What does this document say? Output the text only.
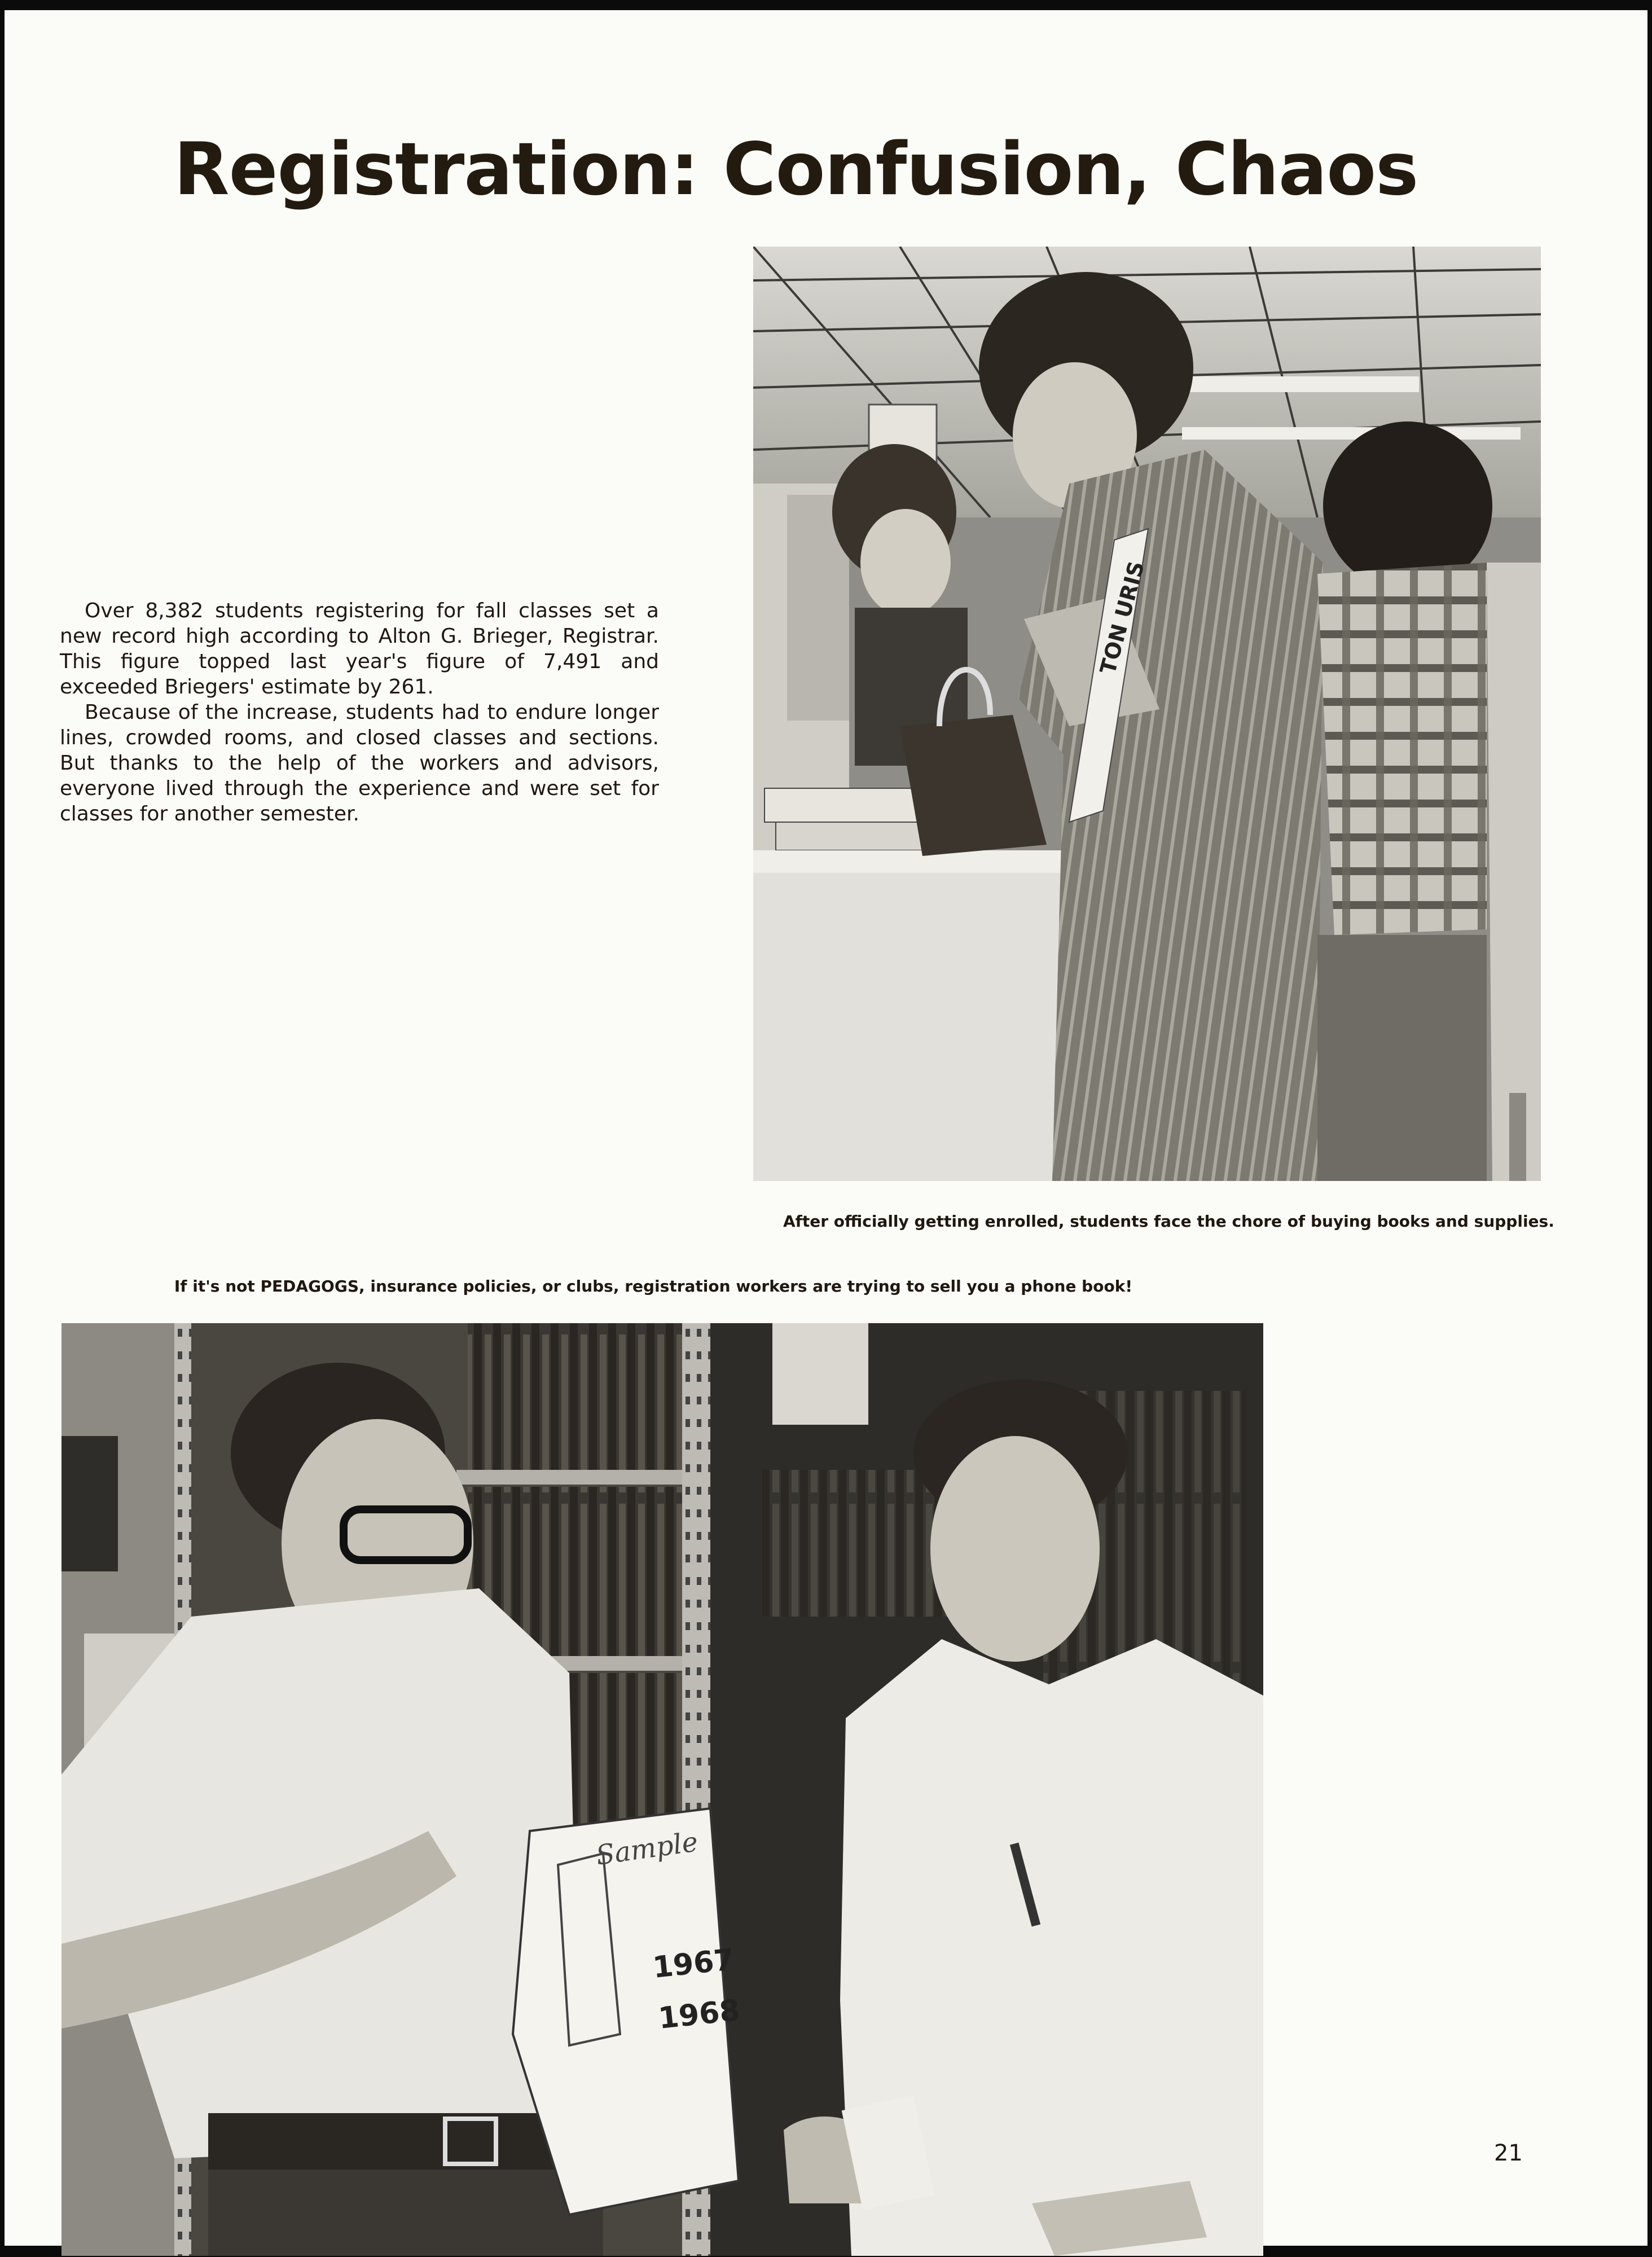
Registration: Confusion, Chaos

Over 8,382 students registering for fall classes set a new record high according to Alton G. Brieger, Registrar. This figure topped last year's figure of 7,491 and exceeded Briegers' estimate by 261.

Because of the increase, students had to endure longer lines, crowded rooms, and closed classes and sections. But thanks to the help of the workers and advisors, everyone lived through the experience and were set for classes for another semester.

TON URIS
After officially getting enrolled, students face the chore of buying books and supplies.
If it's not PEDAGOGS, insurance policies, or clubs, registration workers are trying to sell you a phone book!
Sample
1967
1968
21
